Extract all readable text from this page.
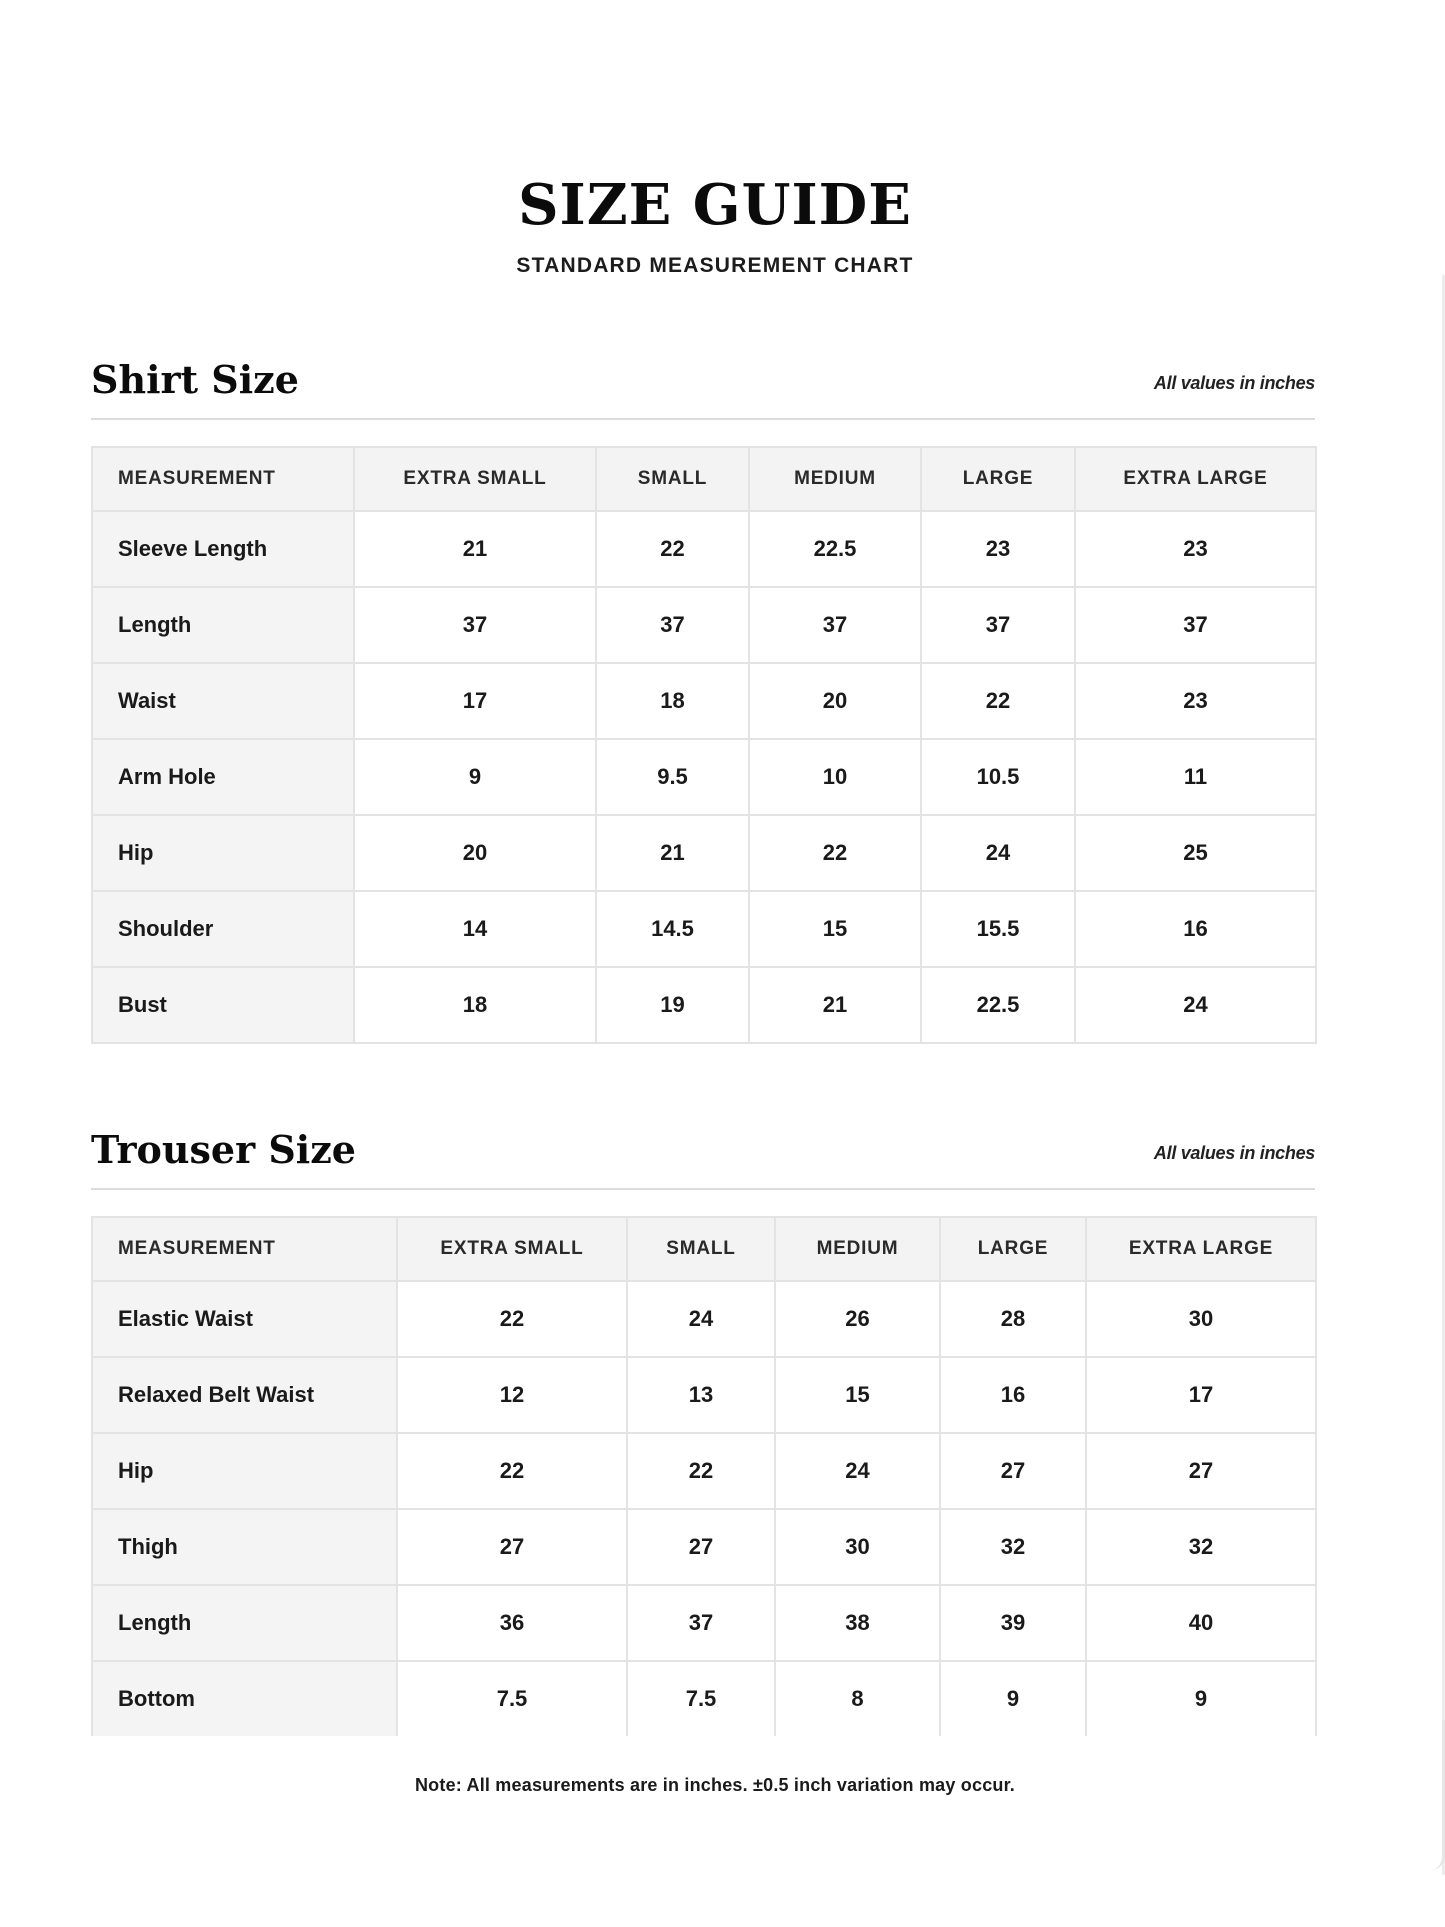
SIZE GUIDE
STANDARD MEASUREMENT CHART
Shirt Size	All values in inches
MEASUREMENT	EXTRA SMALL	SMALL	MEDIUM	LARGE	EXTRA LARGE
Sleeve Length	21	22	22.5	23	23
Length	37	37	37	37	37
Waist	17	18	20	22	23
Arm Hole	9	9.5	10	10.5	11
Hip	20	21	22	24	25
Shoulder	14	14.5	15	15.5	16
Bust	18	19	21	22.5	24
Trouser Size	All values in inches
MEASUREMENT	EXTRA SMALL	SMALL	MEDIUM	LARGE	EXTRA LARGE
Elastic Waist	22	24	26	28	30
Relaxed Belt Waist	12	13	15	16	17
Hip	22	22	24	27	27
Thigh	27	27	30	32	32
Length	36	37	38	39	40
Bottom	7.5	7.5	8	9	9
Note: All measurements are in inches. ±0.5 inch variation may occur.
